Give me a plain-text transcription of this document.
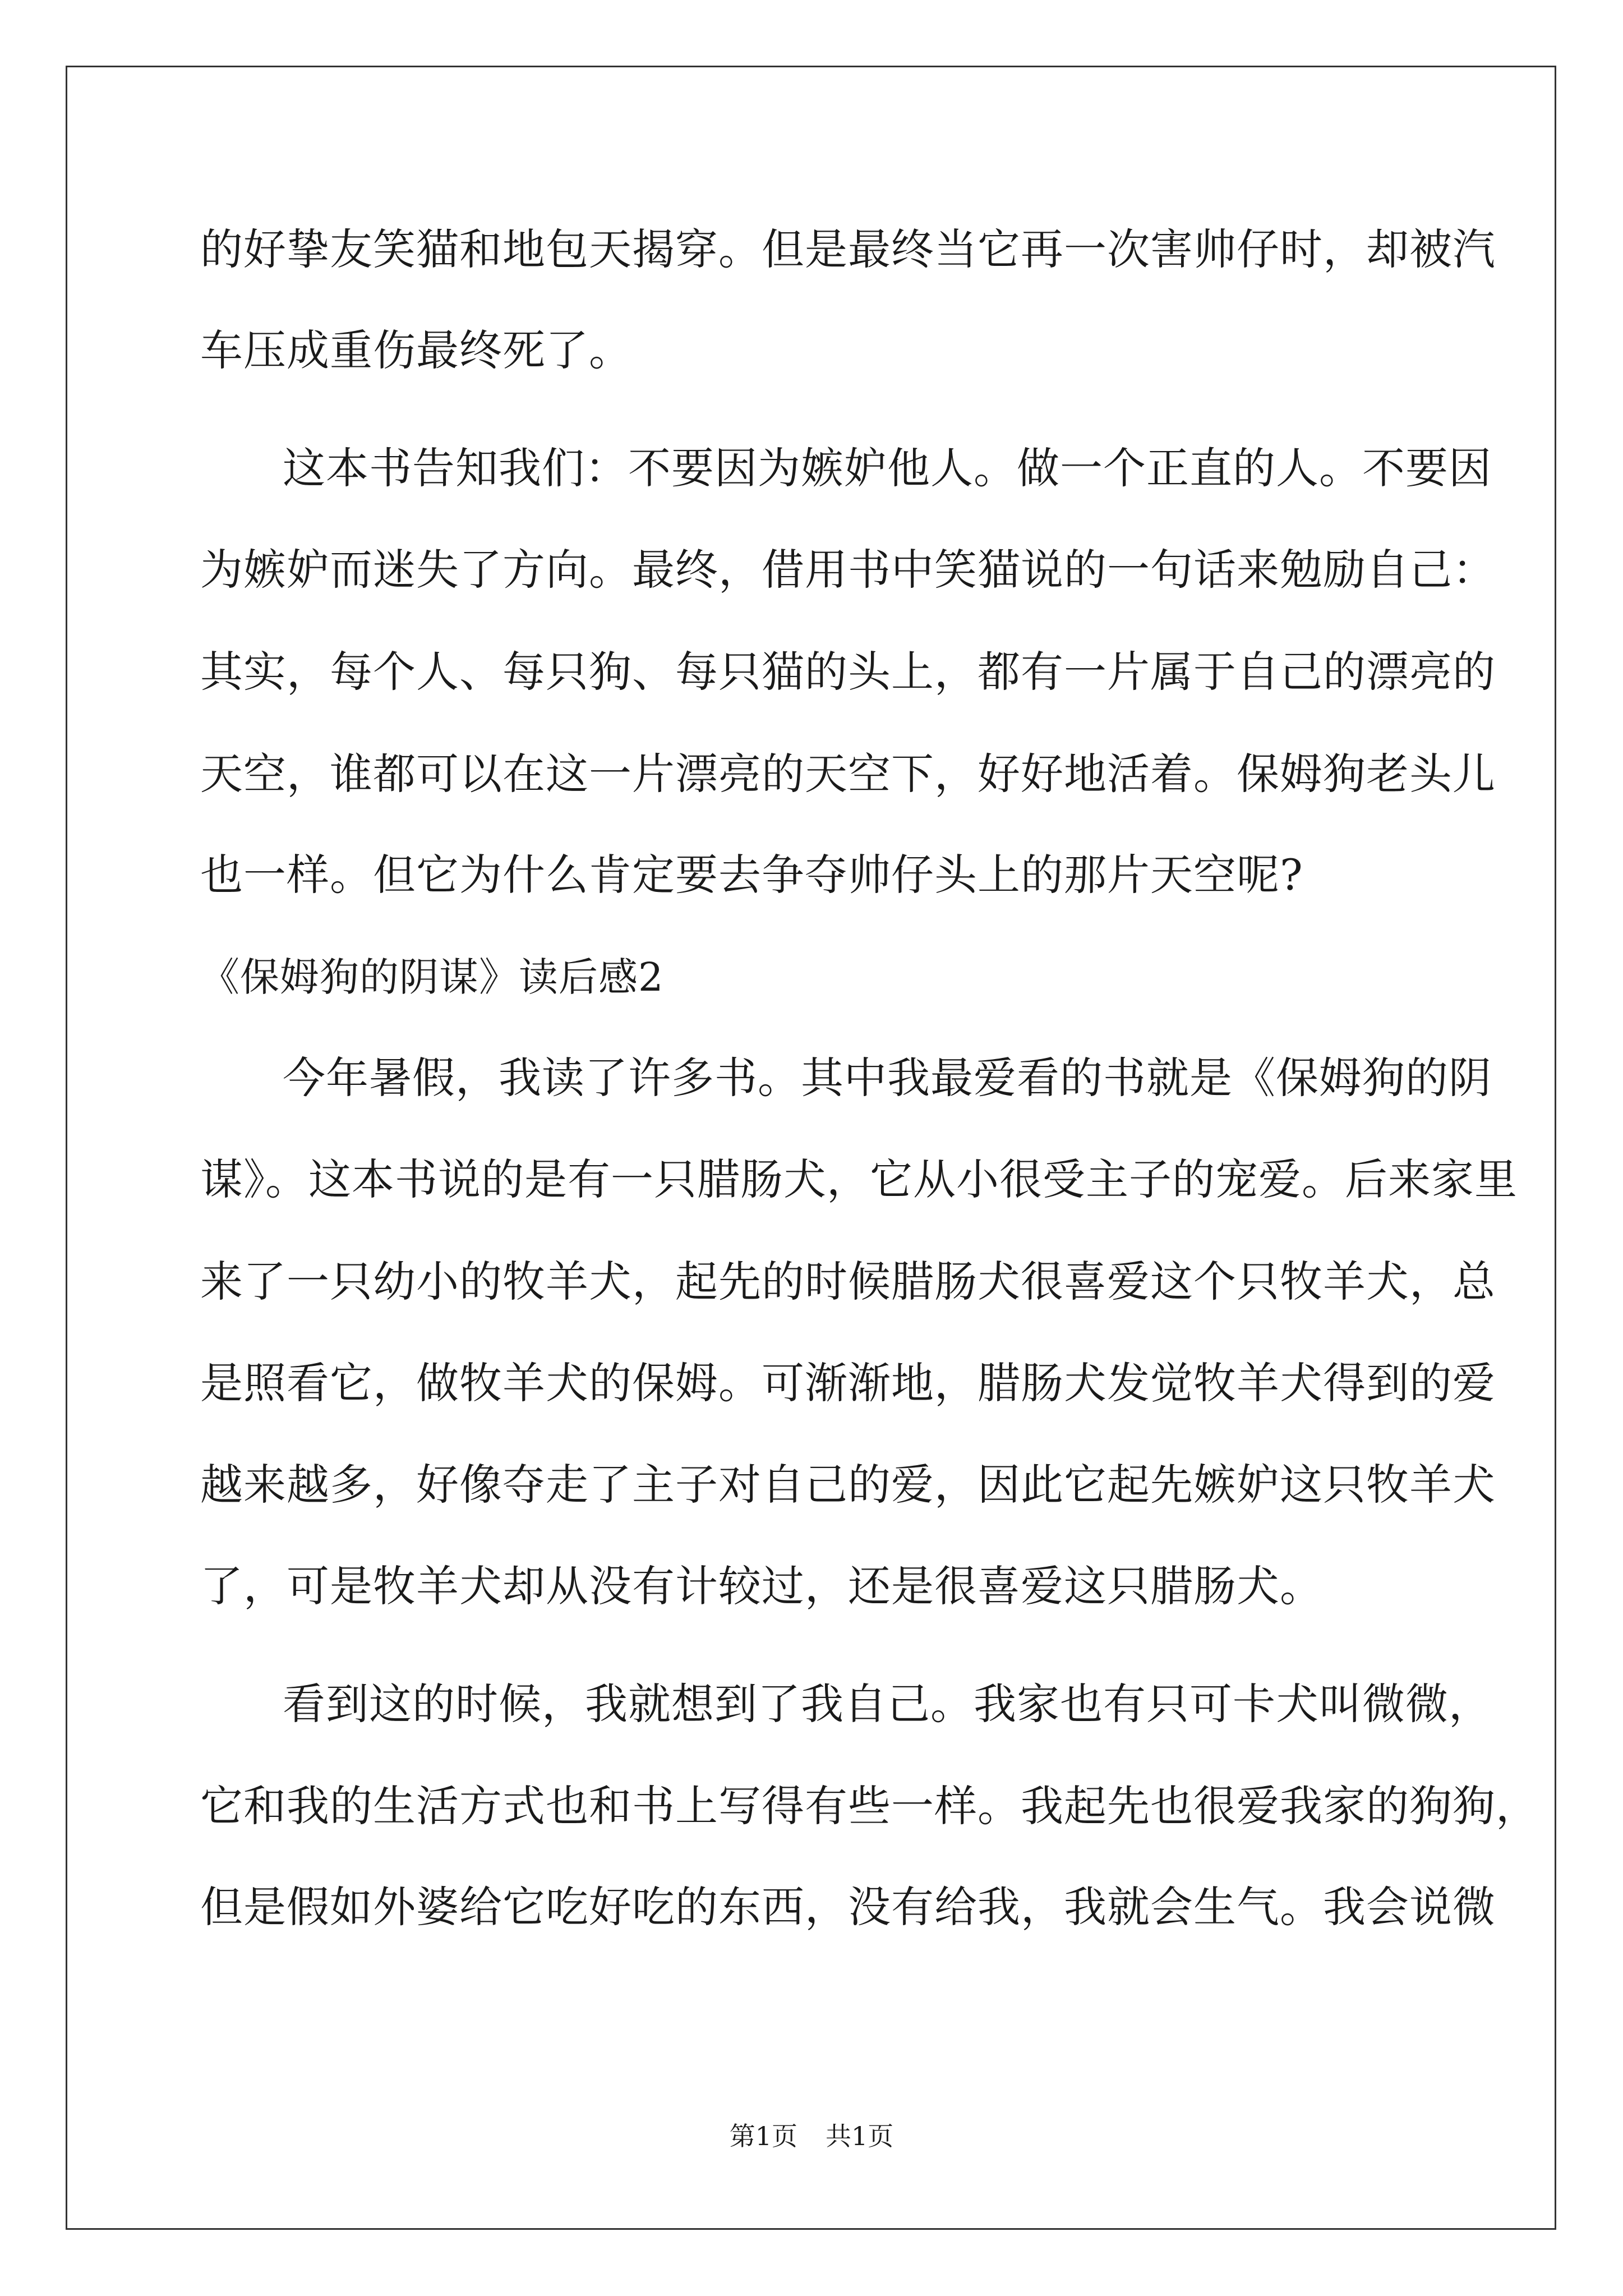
的好挚友笑猫和地包天揭穿。但是最终当它再一次害帅仔时，却被汽
车压成重伤最终死了。
这本书告知我们：不要因为嫉妒他人。做一个正直的人。不要因
为嫉妒而迷失了方向。最终，借用书中笑猫说的一句话来勉励自己：
其实，每个人、每只狗、每只猫的头上，都有一片属于自己的漂亮的
天空，谁都可以在这一片漂亮的天空下，好好地活着。保姆狗老头儿
也一样。但它为什么肯定要去争夺帅仔头上的那片天空呢?
《保姆狗的阴谋》读后感2
今年暑假，我读了许多书。其中我最爱看的书就是《保姆狗的阴
谋》。这本书说的是有一只腊肠犬，它从小很受主子的宠爱。后来家里
来了一只幼小的牧羊犬，起先的时候腊肠犬很喜爱这个只牧羊犬，总
是照看它，做牧羊犬的保姆。可渐渐地，腊肠犬发觉牧羊犬得到的爱
越来越多，好像夺走了主子对自己的爱，因此它起先嫉妒这只牧羊犬
了，可是牧羊犬却从没有计较过，还是很喜爱这只腊肠犬。
看到这的时候，我就想到了我自己。我家也有只可卡犬叫微微，
它和我的生活方式也和书上写得有些一样。我起先也很爱我家的狗狗，
但是假如外婆给它吃好吃的东西，没有给我，我就会生气。我会说微
第1页 共1页
